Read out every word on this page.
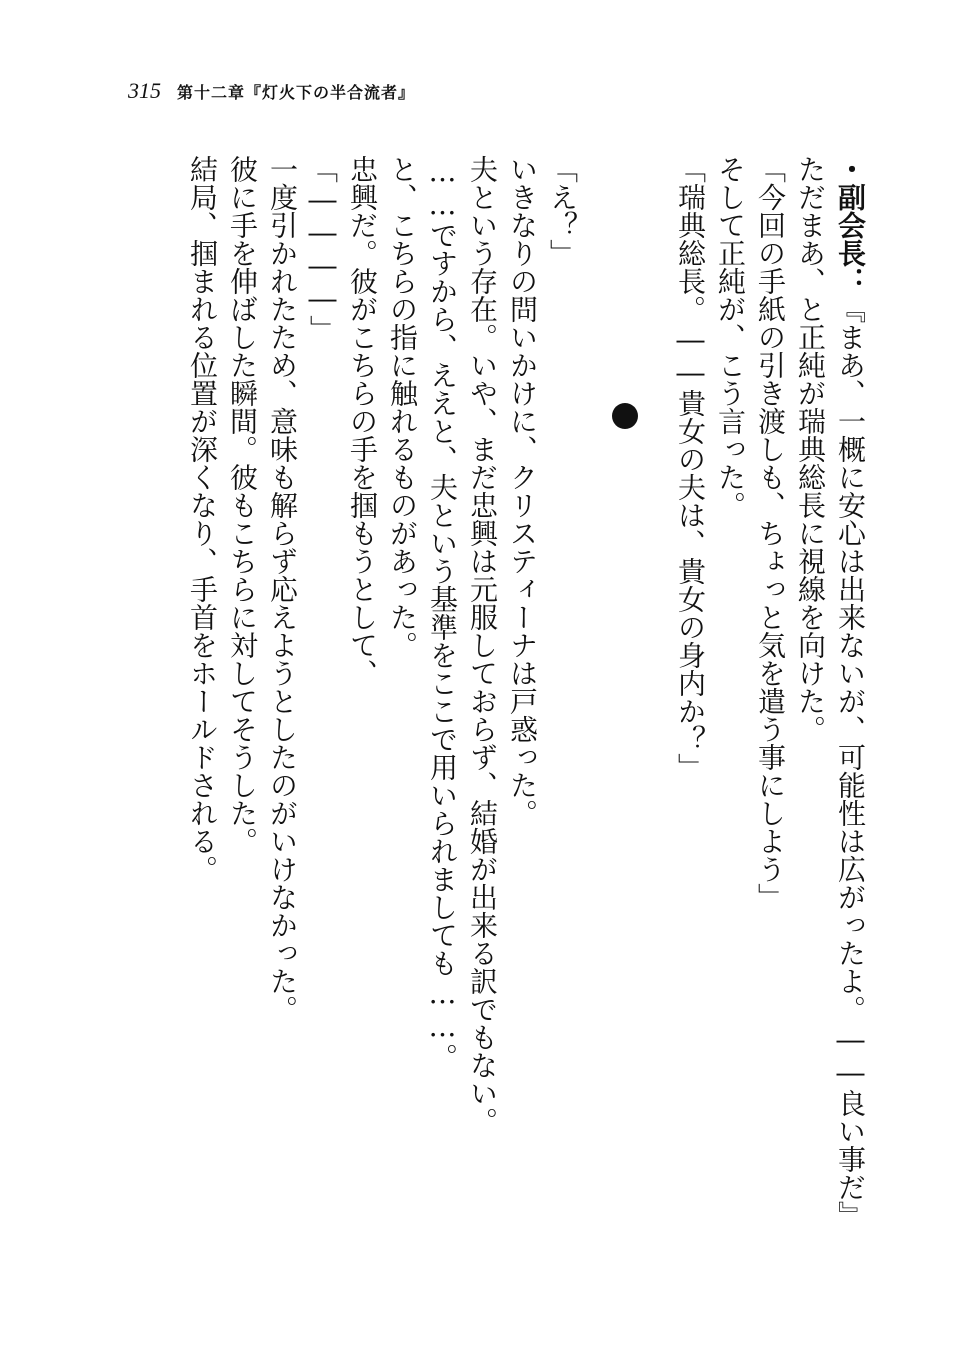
315 第十二章『灯火下の半合流者』
・副会長：『まあ、一概に安心は出来ないが、可能性は広がったよ。――良い事だ』
ただまあ、と正純が瑞典総長に視線を向けた。
「今回の手紙の引き渡しも、ちょっと気を遣う事にしよう」
そして正純が、こう言った。
「瑞典総長。――貴女の夫は、貴女の身内か？」
「え？」
いきなりの問いかけに、クリスティーナは戸惑った。
夫という存在。いや、まだ忠興は元服しておらず、結婚が出来る訳でもない。
……ですから、ええと、夫という基準をここで用いられましても……。
と、こちらの指に触れるものがあった。
忠興だ。彼がこちらの手を掴もうとして、
「――――」
一度引かれたため、意味も解らず応えようとしたのがいけなかった。
彼に手を伸ばした瞬間。彼もこちらに対してそうした。
結局、掴まれる位置が深くなり、手首をホールドされる。
